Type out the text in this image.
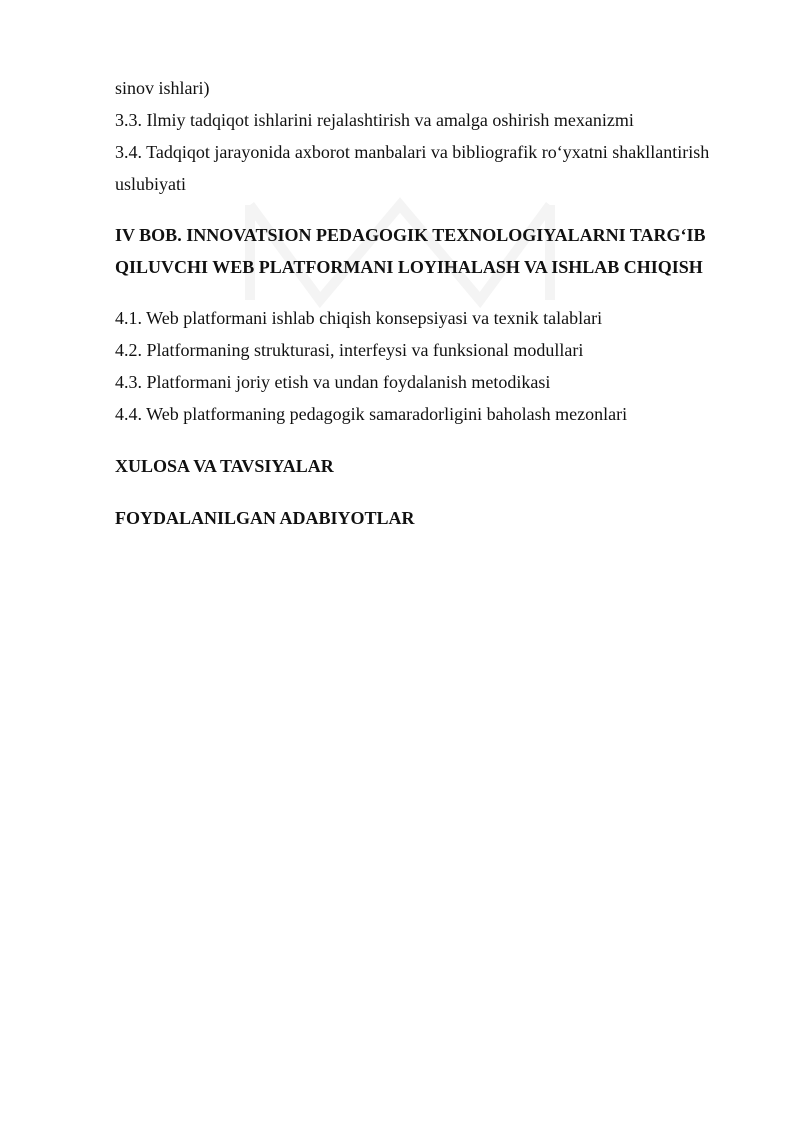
sinov ishlari)
3.3. Ilmiy tadqiqot ishlarini rejalashtirish va amalga oshirish mexanizmi
3.4. Tadqiqot jarayonida axborot manbalari va bibliografik ro‘yxatni shakllantirish
uslubiyati
IV BOB. INNOVATSION PEDAGOGIK TEXNOLOGIYALARNI TARG‘IB
QILUVCHI WEB PLATFORMANI LOYIHALASH VA ISHLAB CHIQISH
4.1. Web platformani ishlab chiqish konsepsiyasi va texnik talablari
4.2. Platformaning strukturasi, interfeysi va funksional modullari
4.3. Platformani joriy etish va undan foydalanish metodikasi
4.4. Web platformaning pedagogik samaradorligini baholash mezonlari
XULOSA VA TAVSIYALAR
FOYDALANILGAN ADABIYOTLAR
